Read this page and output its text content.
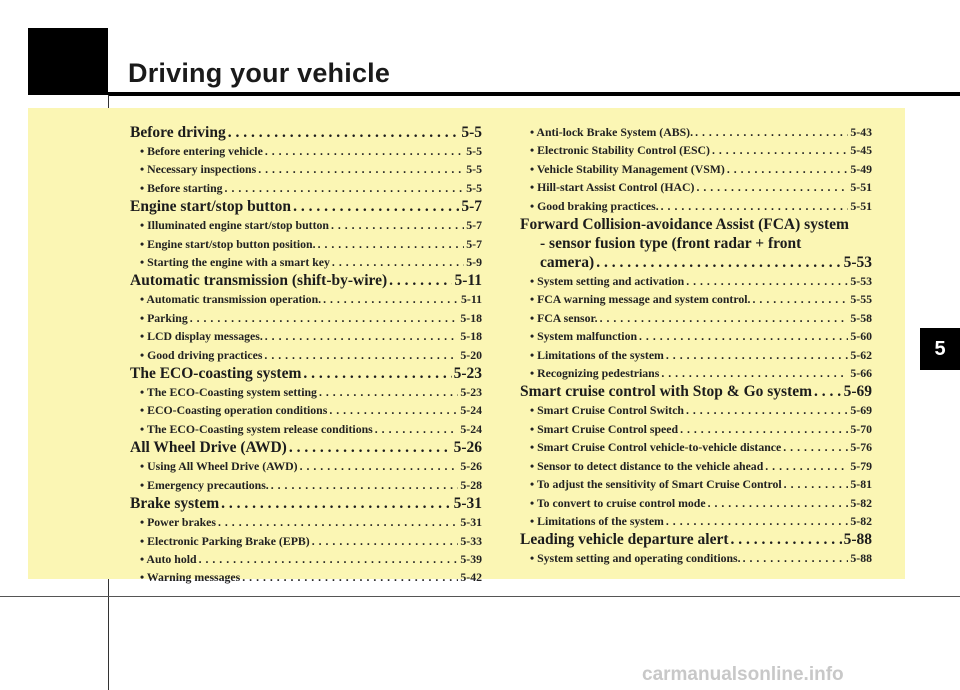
Driving your vehicle
5
Before driving . . .	5-5
• Before entering vehicle . . .	5-5
• Necessary inspections . . .	5-5
• Before starting . . .	5-5
Engine start/stop button . . .	5-7
• Illuminated engine start/stop button . . .	5-7
• Engine start/stop button position. . . .	5-7
• Starting the engine with a smart key . . .	5-9
Automatic transmission (shift-by-wire) . . .	5-11
• Automatic transmission operation. . . .	5-11
• Parking . . .	5-18
• LCD display messages. . . .	5-18
• Good driving practices . . .	5-20
The ECO-coasting system . . .	5-23
• The ECO-Coasting system setting . . .	5-23
• ECO-Coasting operation conditions . . .	5-24
• The ECO-Coasting system release conditions . . .	5-24
All Wheel Drive (AWD) . . .	5-26
• Using All Wheel Drive (AWD) . . .	5-26
• Emergency precautions. . . .	5-28
Brake system . . .	5-31
• Power brakes . . .	5-31
• Electronic Parking Brake (EPB) . . .	5-33
• Auto hold . . .	5-39
• Warning messages . . .	5-42
• Anti-lock Brake System (ABS). . . .	5-43
• Electronic Stability Control (ESC) . . .	5-45
• Vehicle Stability Management (VSM) . . .	5-49
• Hill-start Assist Control (HAC) . . .	5-51
• Good braking practices. . . .	5-51
Forward Collision-avoidance Assist (FCA) system
- sensor fusion type (front radar + front
camera) . . .	5-53
• System setting and activation . . .	5-53
• FCA warning message and system control. . . .	5-55
• FCA sensor. . . .	5-58
• System malfunction . . .	5-60
• Limitations of the system . . .	5-62
• Recognizing pedestrians . . .	5-66
Smart cruise control with Stop & Go system . . . 5-69
• Smart Cruise Control Switch . . .	5-69
• Smart Cruise Control speed . . .	5-70
• Smart Cruise Control vehicle-to-vehicle distance . . .	5-76
• Sensor to detect distance to the vehicle ahead . . .	5-79
• To adjust the sensitivity of Smart Cruise Control . . .	5-81
• To convert to cruise control mode . . .	5-82
• Limitations of the system . . .	5-82
Leading vehicle departure alert . . .	5-88
• System setting and operating conditions. . . .	5-88
carmanualsonline.info
